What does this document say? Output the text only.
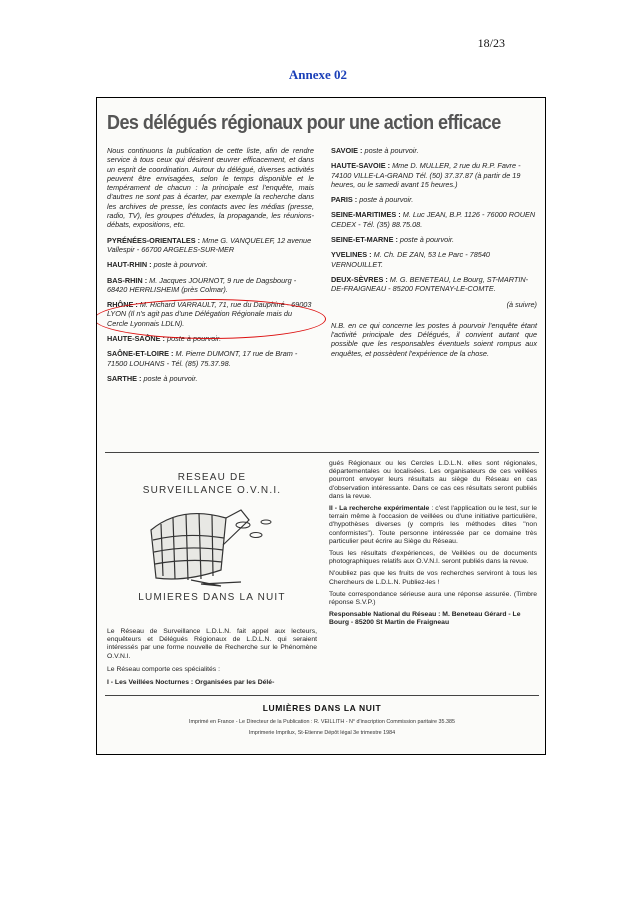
18/23
Annexe 02
Des délégués régionaux pour une action efficace

Nous continuons la publication de cette liste, afin de rendre service à tous ceux qui désirent œuvrer efficacement, et dans un esprit de coordination. Autour du délégué, diverses activités peuvent être envisagées, selon le temps disponible et le tempérament de chacun : la principale est l'enquête, mais d'autres ne sont pas à écarter, par exemple la recherche dans les archives de presse, les contacts avec les médias (presse, radio, TV), les groupes d'études, la propagande, les réunions-débats, expositions, etc.

PYRÉNÉES-ORIENTALES : Mme G. VANQUELEF, 12 avenue Vallespir - 66700 ARGELES-SUR-MER

HAUT-RHIN : poste à pourvoir.

BAS-RHIN : M. Jacques JOURNOT, 9 rue de Dagsbourg - 68420 HERRLISHEIM (près Colmar).

RHÔNE : M. Richard VARRAULT, 71, rue du Dauphiné - 69003 LYON (Il n's agit pas d'une Délégation Régionale mais du Cercle Lyonnais LDLN).

HAUTE-SAÔNE : poste à pourvoir.

SAÔNE-ET-LOIRE : M. Pierre DUMONT, 17 rue de Bram - 71500 LOUHANS - Tél. (85) 75.37.98.

SARTHE : poste à pourvoir.

SAVOIE : poste à pourvoir.

HAUTE-SAVOIE : Mme D. MULLER, 2 rue du R.P. Favre - 74100 VILLE-LA-GRAND Tél. (50) 37.37.87 (à partir de 19 heures, ou le samedi avant 15 heures.)

PARIS : poste à pourvoir.

SEINE-MARITIMES : M. Luc JEAN, B.P. 1126 - 76000 ROUEN CEDEX - Tél. (35) 88.75.08.

SEINE-ET-MARNE : poste à pourvoir.

YVELINES : M. Ch. DE ZAN, 53 Le Parc - 78540 VERNOUILLET.

DEUX-SÈVRES : M. G. BENETEAU, Le Bourg, ST-MARTIN-DE-FRAIGNEAU - 85200 FONTENAY-LE-COMTE.

(à suivre)

N.B. en ce qui concerne les postes à pourvoir l'enquête étant l'activité principale des Délégués, il convient autant que possible que les responsables éventuels soient rompus aux enquêtes, et possèdent l'expérience de la chose.

RESEAU DE
SURVEILLANCE O.V.N.I.
LUMIERES DANS LA NUIT

Le Réseau de Surveillance L.D.L.N. fait appel aux lecteurs, enquêteurs et Délégués Régionaux de L.D.L.N. qui seraient intéressés par une forme nouvelle de Recherche sur le Phénomène O.V.N.I.

Le Réseau comporte ces spécialités :

I - Les Veillées Nocturnes : Organisées par les Délé-

gués Régionaux ou les Cercles L.D.L.N. elles sont régionales, départementales ou localisées. Les organisateurs de ces veillées pourront envoyer leurs résultats au siège du Réseau en cas d'observation intéressante. Dans ce cas ces résultats seront publiés dans la revue.

II - La recherche expérimentale : c'est l'application ou le test, sur le terrain même à l'occasion de veillées ou d'une initiative particulière, d'hypothèses diverses (y compris les méthodes dites "non conformistes"). Toute personne intéressée par ce domaine très particulier peut écrire au Siège du Réseau.

Tous les résultats d'expériences, de Veillées ou de documents photographiques relatifs aux O.V.N.I. seront publiés dans la revue.

N'oubliez pas que les fruits de vos recherches serviront à tous les Chercheurs de L.D.L.N. Publiez-les !

Toute correspondance sérieuse aura une réponse assurée. (Timbre réponse S.V.P.)

Responsable National du Réseau : M. Beneteau Gérard - Le Bourg - 85200 St Martin de Fraigneau

LUMIÈRES DANS LA NUIT
Imprimé en France - Le Directeur de la Publication : R. VEILLITH - N° d'inscription Commission paritaire 35.385
Imprimerie Imprilux, St-Etienne Dépôt légal 3e trimestre 1984
